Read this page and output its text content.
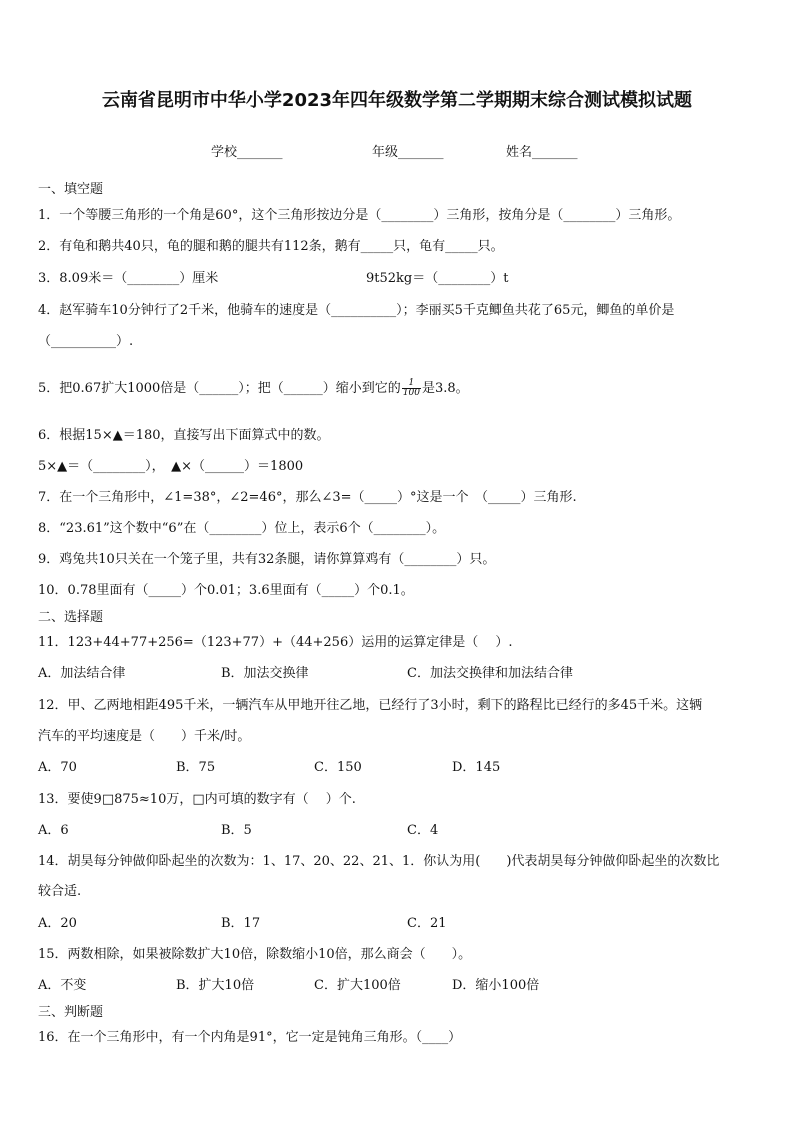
云南省昆明市中华小学2023年四年级数学第二学期期末综合测试模拟试题
学校_______	年级_______	姓名_______
一、填空题
1．一个等腰三角形的一个角是60°，这个三角形按边分是（________）三角形，按角分是（________）三角形。
2．有龟和鹅共40只，龟的腿和鹅的腿共有112条，鹅有_____只，龟有_____只。
3．8.09米＝（________）厘米	9t52kg＝（________）t
4．赵军骑车10分钟行了2千米，他骑车的速度是（__________）；李丽买5千克鲫鱼共花了65元，鲫鱼的单价是
（__________）.
5．把0.67扩大1000倍是（______）；把（______）缩小到它的 $\frac{1}{100}$ 是3.8。
6．根据15×▲＝180，直接写出下面算式中的数。
5×▲＝（________），　▲×（______）＝1800
7．在一个三角形中，∠1=38°，∠2=46°，那么∠3=（_____）°这是一个　（_____）三角形.
8．“23.61”这个数中“6”在（________）位上，表示6个（________）。
9．鸡兔共10只关在一个笼子里，共有32条腿，请你算算鸡有（________）只。
10．0.78里面有（_____）个0.01；3.6里面有（_____）个0.1。
二、选择题
11．123+44+77+256=（123+77）+（44+256）运用的运算定律是（　 ）.
A．加法结合律	B．加法交换律	C．加法交换律和加法结合律
12．甲、乙两地相距495千米，一辆汽车从甲地开往乙地，已经行了3小时，剩下的路程比已经行的多45千米。这辆
汽车的平均速度是（　　）千米/时。
A．70	B．75	C．150	D．145
13．要使9□875≈10万，□内可填的数字有（　 ）个.
A．6	B．5	C．4
14．胡昊每分钟做仰卧起坐的次数为：1、17、20、22、21、1．你认为用(　　)代表胡昊每分钟做仰卧起坐的次数比
较合适.
A．20	B．17	C．21
15．两数相除，如果被除数扩大10倍，除数缩小10倍，那么商会（　　）。
A．不变	B．扩大10倍	C．扩大100倍	D．缩小100倍
三、判断题
16．在一个三角形中，有一个内角是91°，它一定是钝角三角形。（____）
